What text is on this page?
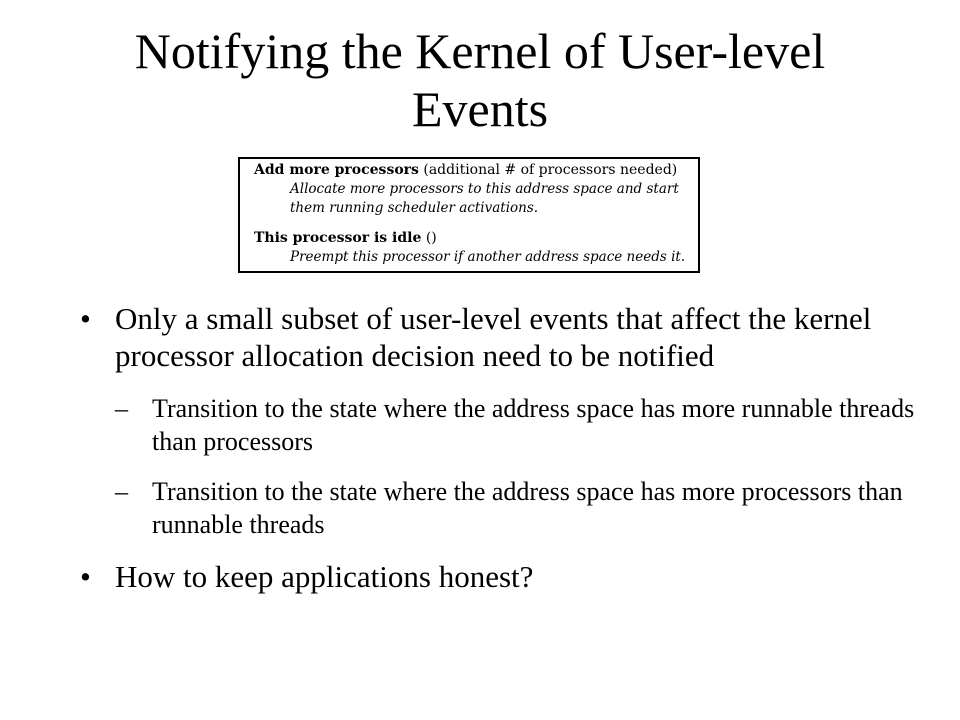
Notifying the Kernel of User-level
Events
Add more processors (additional # of processors needed)
Allocate more processors to this address space and start
them running scheduler activations.
This processor is idle ()
Preempt this processor if another address space needs it.
• Only a small subset of user-level events that affect the kernel processor allocation decision need to be notified
– Transition to the state where the address space has more runnable threads than processors
– Transition to the state where the address space has more processors than runnable threads
• How to keep applications honest?
